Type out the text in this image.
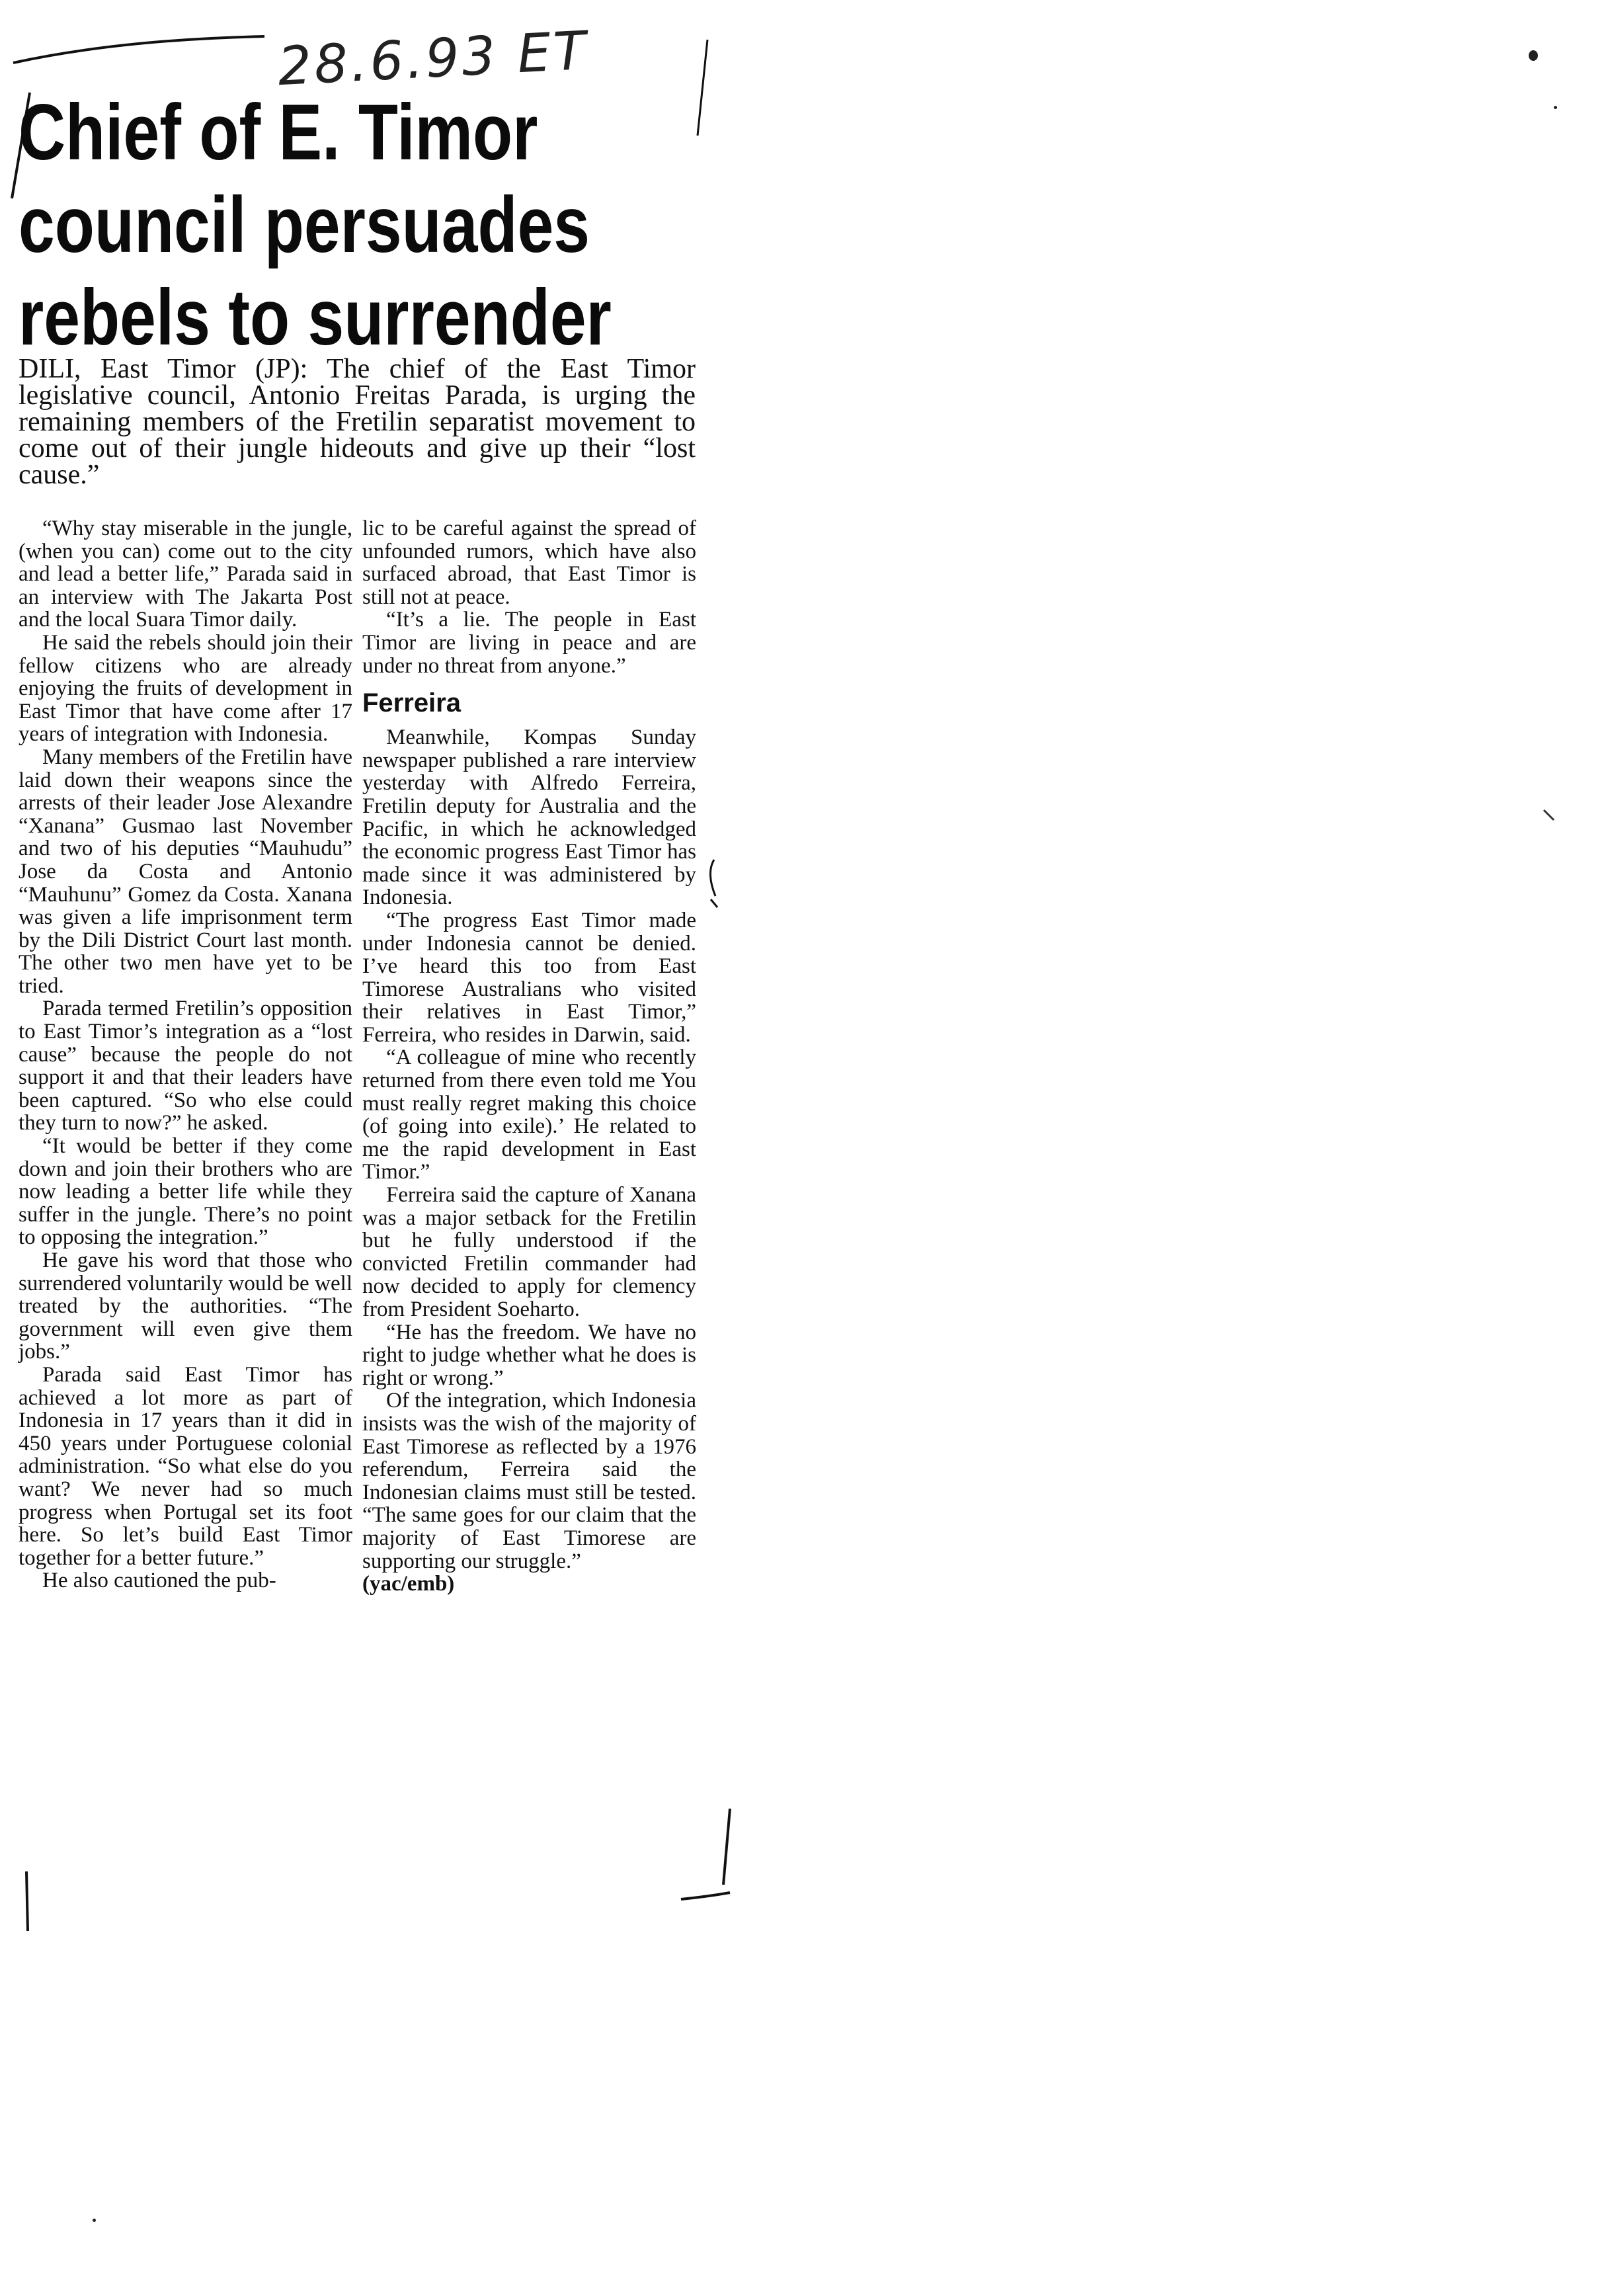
28.6.93 ET
Chief of E. Timor
council persuades
rebels to surrender

DILI, East Timor (JP): The chief of the East Timor legislative council, Antonio Freitas Parada, is urging the remaining members of the Fretilin separatist movement to come out of their jungle hideouts and give up their “lost cause.”

“Why stay miserable in the jungle, (when you can) come out to the city and lead a better life,” Parada said in an interview with The Jakarta Post and the local Suara Timor daily.

He said the rebels should join their fellow citizens who are already enjoying the fruits of development in East Timor that have come after 17 years of integration with Indonesia.

Many members of the Fretilin have laid down their weapons since the arrests of their leader Jose Alexandre “Xanana” Gusmao last November and two of his deputies “Mauhudu” Jose da Costa and Antonio “Mauhunu” Gomez da Costa. Xanana was given a life imprisonment term by the Dili District Court last month. The other two men have yet to be tried.

Parada termed Fretilin’s opposition to East Timor’s integration as a “lost cause” because the people do not support it and that their leaders have been captured. “So who else could they turn to now?” he asked.

“It would be better if they come down and join their brothers who are now leading a better life while they suffer in the jungle. There’s no point to opposing the integration.”

He gave his word that those who surrendered voluntarily would be well treated by the authorities. “The government will even give them jobs.”

Parada said East Timor has achieved a lot more as part of Indonesia in 17 years than it did in 450 years under Portuguese colonial administration. “So what else do you want? We never had so much progress when Portugal set its foot here. So let’s build East Timor together for a better future.”

He also cautioned the pub-

lic to be careful against the spread of unfounded rumors, which have also surfaced abroad, that East Timor is still not at peace.

“It’s a lie. The people in East Timor are living in peace and are under no threat from anyone.”

Ferreira

Meanwhile, Kompas Sunday newspaper published a rare interview yesterday with Alfredo Ferreira, Fretilin deputy for Australia and the Pacific, in which he acknowledged the economic progress East Timor has made since it was administered by Indonesia.

“The progress East Timor made under Indonesia cannot be denied. I’ve heard this too from East Timorese Australians who visited their relatives in East Timor,” Ferreira, who resides in Darwin, said.

“A colleague of mine who recently returned from there even told me You must really regret making this choice (of going into exile).’ He related to me the rapid development in East Timor.”

Ferreira said the capture of Xanana was a major setback for the Fretilin but he fully understood if the convicted Fretilin commander had now decided to apply for clemency from President Soeharto.

“He has the freedom. We have no right to judge whether what he does is right or wrong.”

Of the integration, which Indonesia insists was the wish of the majority of East Timorese as reflected by a 1976 referendum, Ferreira said the Indonesian claims must still be tested. “The same goes for our claim that the majority of East Timorese are supporting our struggle.”

(yac/emb)
